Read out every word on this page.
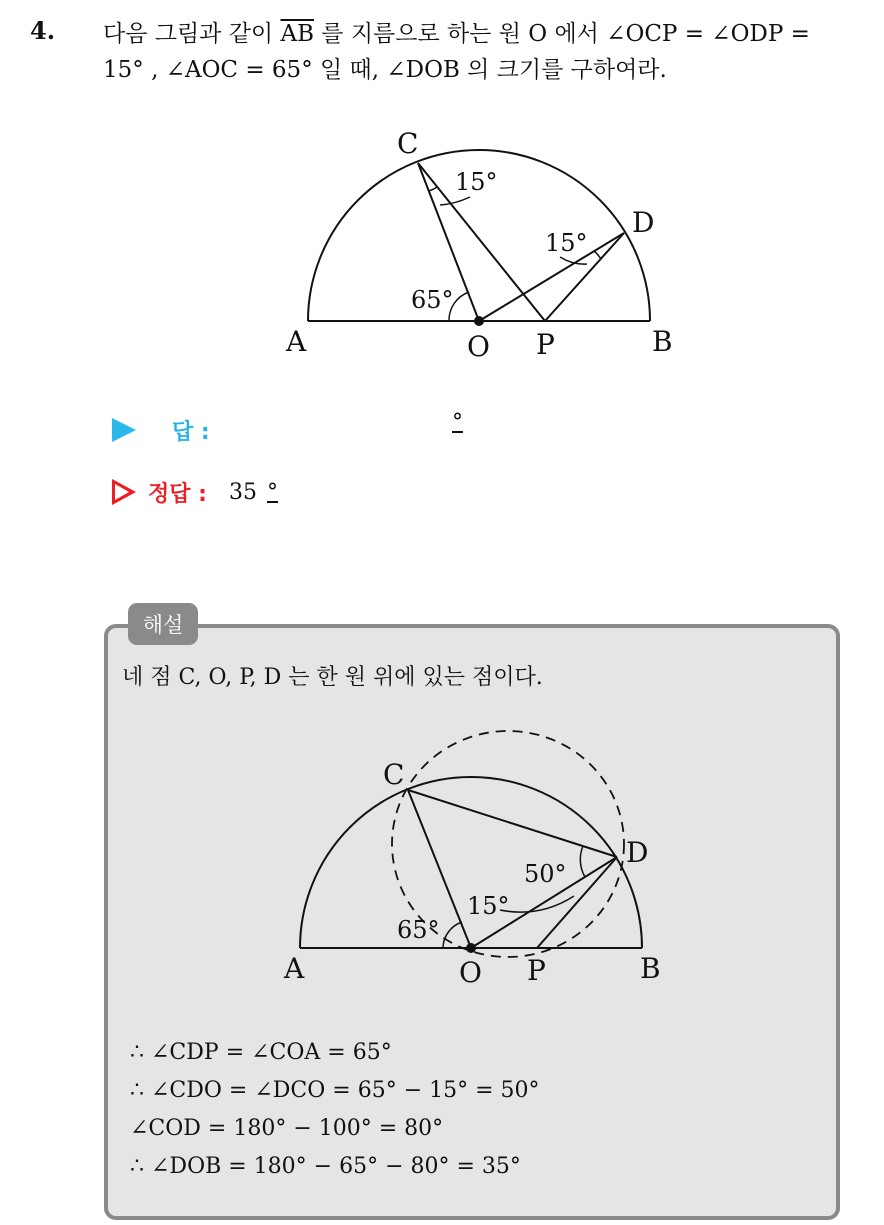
4. 다음 그림과 같이 $\overline{AB}$ 를 지름으로 하는 원 O 에서 ∠OCP = ∠ODP =
15° , ∠AOC = 65° 일 때, ∠DOB 의 크기를 구하여라.
C
D
A	O P	B
15°
15°
65°
답 :	°
정답 : 35 °
해설
네 점 C, O, P, D 는 한 원 위에 있는 점이다.
C
D
A	O P	B
50°
15°
65°
∴ ∠CDP = ∠COA = 65°
∴ ∠CDO = ∠DCO = 65° − 15° = 50°
∠COD = 180° − 100° = 80°
∴ ∠DOB = 180° − 65° − 80° = 35°
